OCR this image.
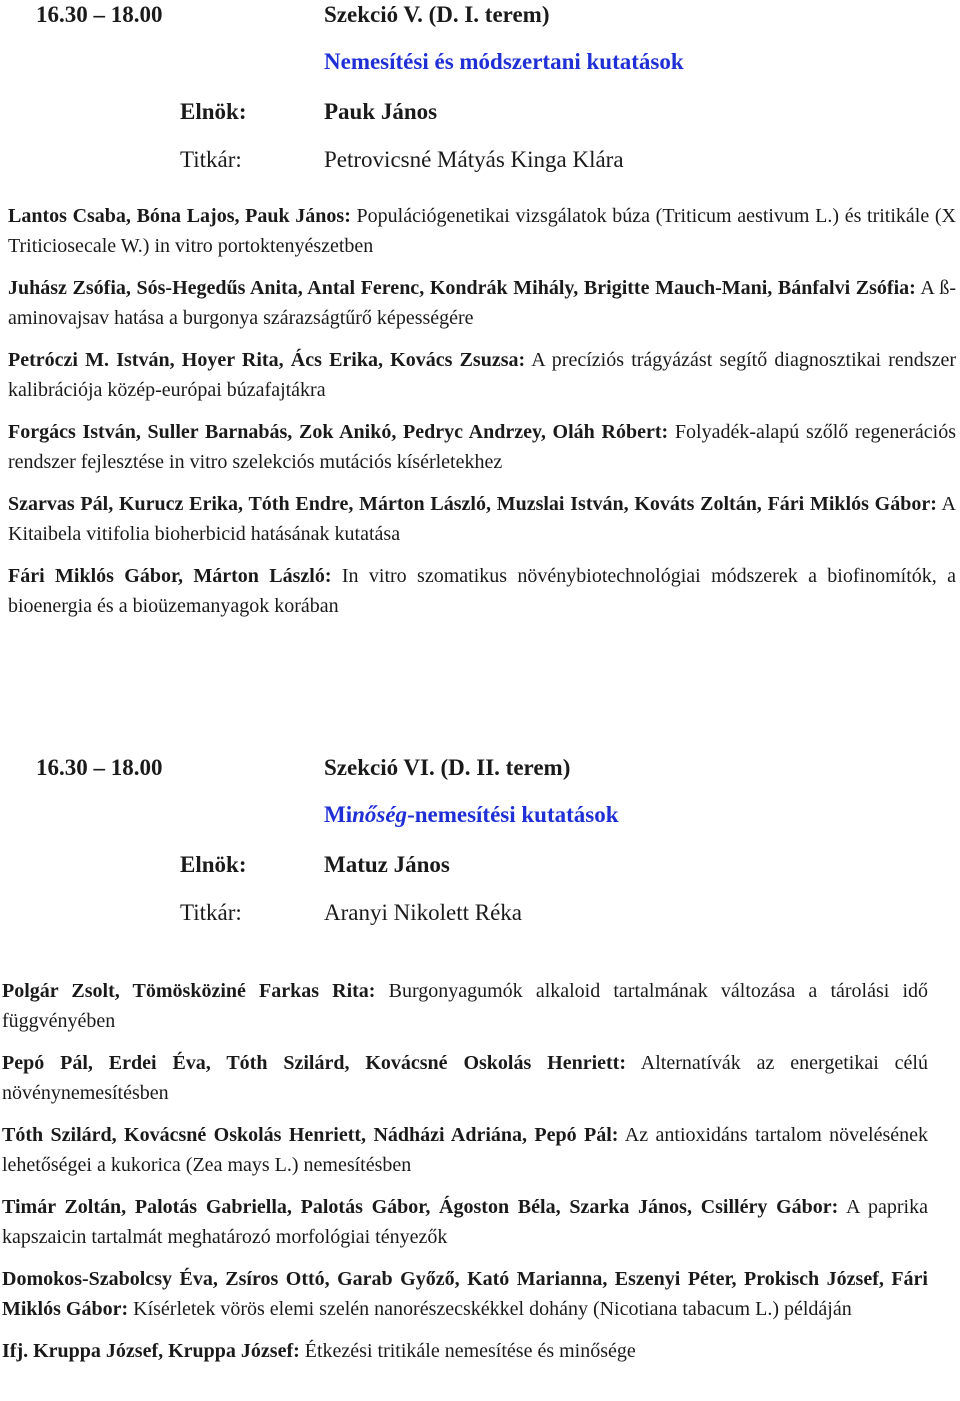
16.30 – 18.00	Szekció V. (D. I. terem)
Nemesítési és módszertani kutatások
Elnök:	Pauk János
Titkár:	Petrovicsné Mátyás Kinga Klára

Lantos Csaba, Bóna Lajos, Pauk János: Populációgenetikai vizsgálatok búza (Triticum aestivum L.) és tritikále (X Triticiosecale W.) in vitro portoktenyészetben

Juhász Zsófia, Sós-Hegedűs Anita, Antal Ferenc, Kondrák Mihály, Brigitte Mauch-Mani, Bánfalvi Zsófia: A ß-aminovajsav hatása a burgonya szárazságtűrő képességére

Petróczi M. István, Hoyer Rita, Ács Erika, Kovács Zsuzsa: A precíziós trágyázást segítő diagnosztikai rendszer kalibrációja közép-európai búzafajtákra

Forgács István, Suller Barnabás, Zok Anikó, Pedryc Andrzey, Oláh Róbert: Folyadék-alapú szőlő regenerációs rendszer fejlesztése in vitro szelekciós mutációs kísérletekhez

Szarvas Pál, Kurucz Erika, Tóth Endre, Márton László, Muzslai István, Kováts Zoltán, Fári Miklós Gábor: A Kitaibela vitifolia bioherbicid hatásának kutatása

Fári Miklós Gábor, Márton László: In vitro szomatikus növénybiotechnológiai módszerek a biofinomítók, a bioenergia és a bioüzemanyagok korában

16.30 – 18.00	Szekció VI. (D. II. terem)
Minőség-nemesítési kutatások
Elnök:	Matuz János
Titkár:	Aranyi Nikolett Réka

Polgár Zsolt, Tömösköziné Farkas Rita: Burgonyagumók alkaloid tartalmának változása a tárolási idő függvényében

Pepó Pál, Erdei Éva, Tóth Szilárd, Kovácsné Oskolás Henriett: Alternatívák az energetikai célú növénynemesítésben

Tóth Szilárd, Kovácsné Oskolás Henriett, Nádházi Adriána, Pepó Pál: Az antioxidáns tartalom növelésének lehetőségei a kukorica (Zea mays L.) nemesítésben

Timár Zoltán, Palotás Gabriella, Palotás Gábor, Ágoston Béla, Szarka János, Csilléry Gábor: A paprika kapszaicin tartalmát meghatározó morfológiai tényezők

Domokos-Szabolcsy Éva, Zsíros Ottó, Garab Győző, Kató Marianna, Eszenyi Péter, Prokisch József, Fári Miklós Gábor: Kísérletek vörös elemi szelén nanorészecskékkel dohány (Nicotiana tabacum L.) példáján

Ifj. Kruppa József, Kruppa József: Étkezési tritikále nemesítése és minősége
